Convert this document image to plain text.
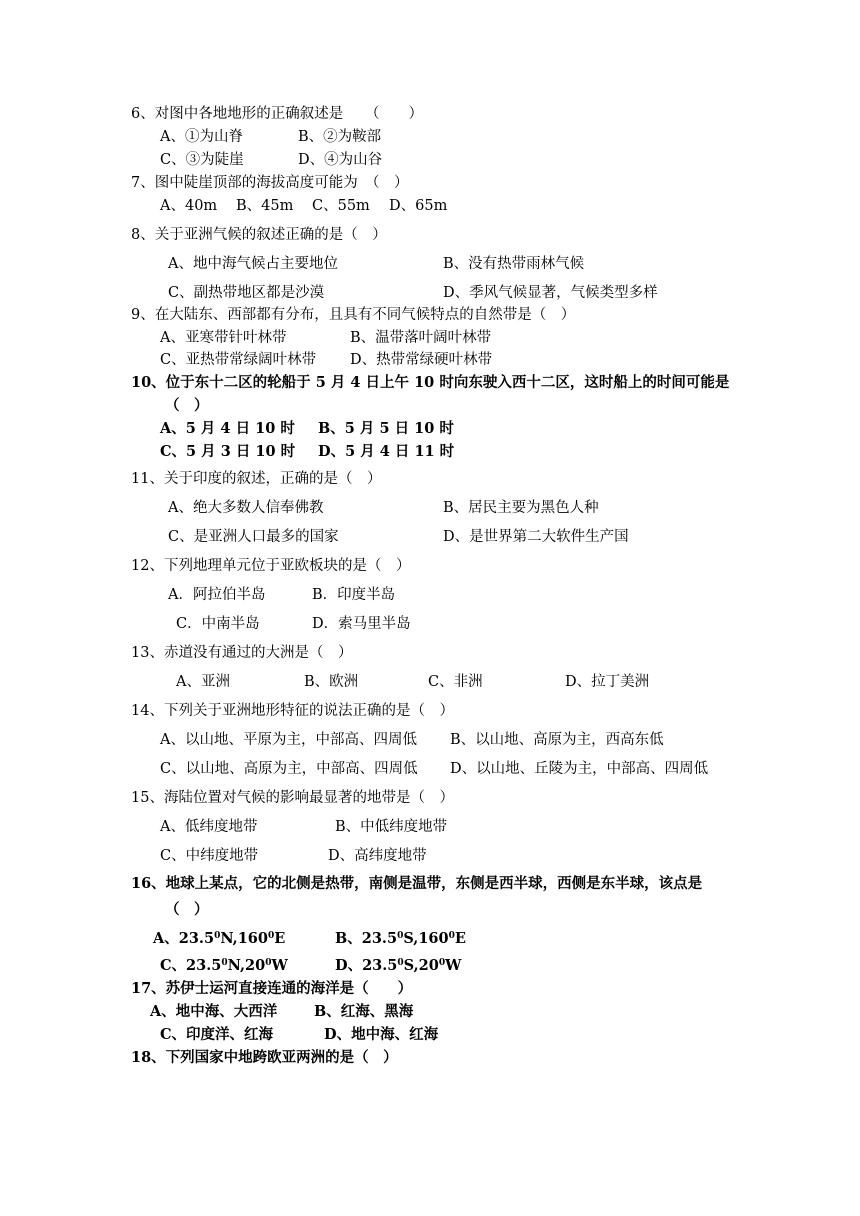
6、对图中各地地形的正确叙述是　　（　　）
A、①为山脊	B、②为鞍部
C、③为陡崖	D、④为山谷
7、图中陡崖顶部的海拔高度可能为　（　）
A、40m B、45m C、55m D、65m
8、关于亚洲气候的叙述正确的是（　）
A、地中海气候占主要地位	B、没有热带雨林气候
C、副热带地区都是沙漠	D、季风气候显著，气候类型多样
9、在大陆东、西部都有分布，且具有不同气候特点的自然带是（　）
A、亚寒带针叶林带	B、温带落叶阔叶林带
C、亚热带常绿阔叶林带 D、热带常绿硬叶林带
10、位于东十二区的轮船于 5 月 4 日上午 10 时向东驶入西十二区，这时船上的时间可能是
（　）
A、5 月 4 日 10 时 B、5 月 5 日 10 时
C、5 月 3 日 10 时 D、5 月 4 日 11 时
11、关于印度的叙述，正确的是（　）
A、绝大多数人信奉佛教	B、居民主要为黑色人种
C、是亚洲人口最多的国家	D、是世界第二大软件生产国
12、下列地理单元位于亚欧板块的是（　）
A．阿拉伯半岛	B．印度半岛
C．中南半岛	D．索马里半岛
13、赤道没有通过的大洲是（　）
A、亚洲	B、欧洲	C、非洲	D、拉丁美洲
14、下列关于亚洲地形特征的说法正确的是（　）
A、以山地、平原为主，中部高、四周低 B、以山地、高原为主，西高东低
C、以山地、高原为主，中部高、四周低 D、以山地、丘陵为主，中部高、四周低
15、海陆位置对气候的影响最显著的地带是（　）
A、低纬度地带	B、中低纬度地带
C、中纬度地带	D、高纬度地带
16、地球上某点，它的北侧是热带，南侧是温带，东侧是西半球，西侧是东半球，该点是
（　）
A、23.5$^0$N,160$^0$E	B、23.5$^0$S,160$^0$E
C、$23.5^0N,20^0W$	D、$23.5^0S,20^0W$
17、苏伊士运河直接连通的海洋是（　　）
A、地中海、大西洋	B、红海、黑海
C、印度洋、红海	D、地中海、红海
18、下列国家中地跨欧亚两洲的是（　）
